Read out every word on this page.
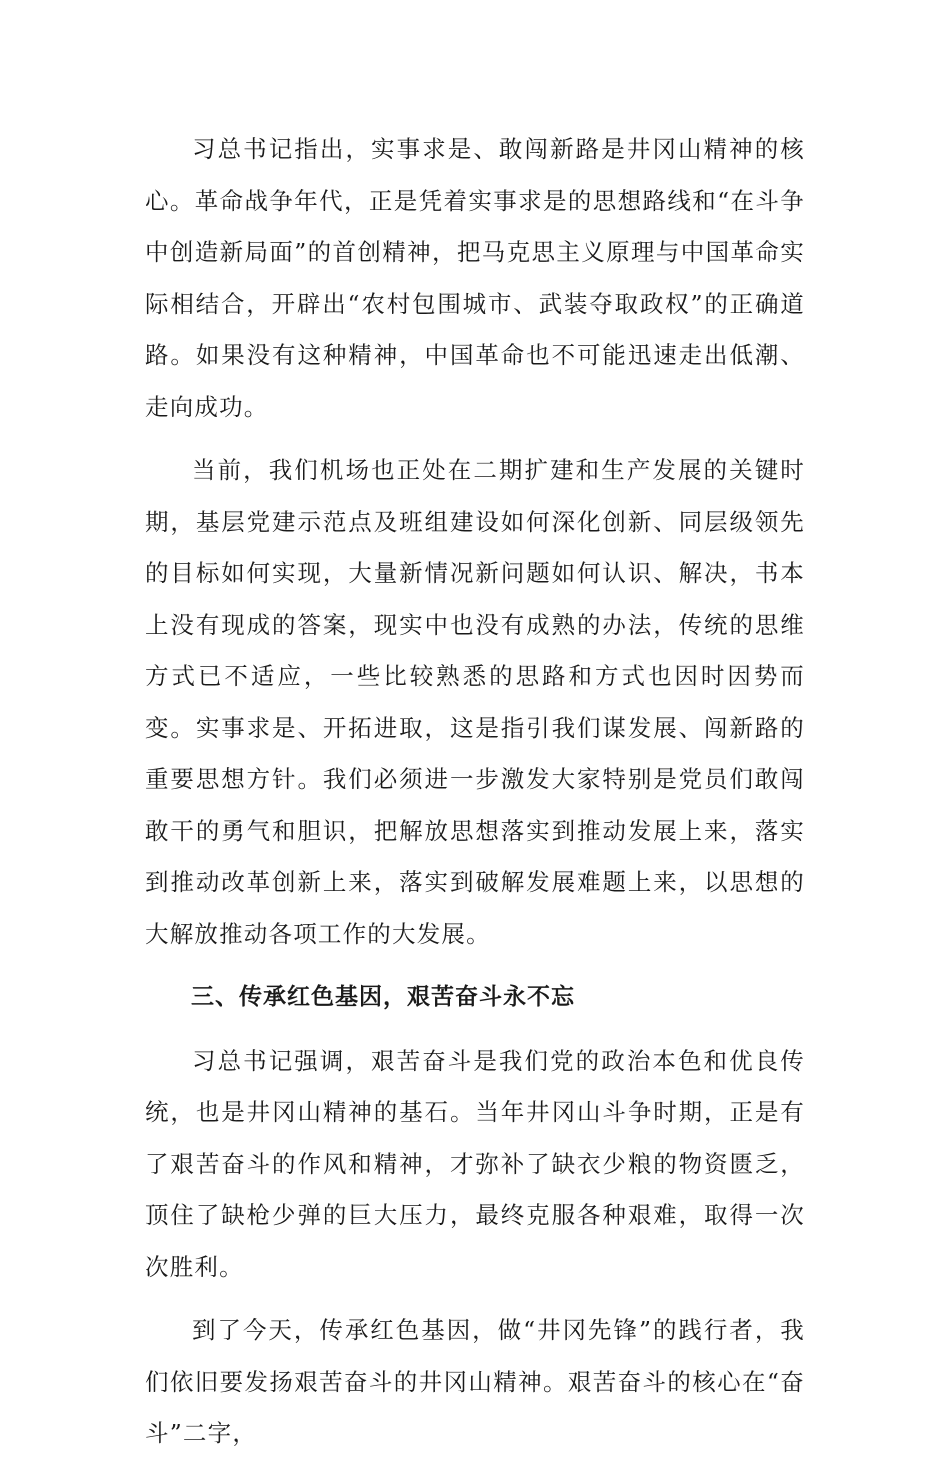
习总书记指出，实事求是、敢闯新路是井冈山精神的核心。革命战争年代，正是凭着实事求是的思想路线和“在斗争中创造新局面”的首创精神，把马克思主义原理与中国革命实际相结合，开辟出“农村包围城市、武装夺取政权”的正确道路。如果没有这种精神，中国革命也不可能迅速走出低潮、走向成功。

当前，我们机场也正处在二期扩建和生产发展的关键时期，基层党建示范点及班组建设如何深化创新、同层级领先的目标如何实现，大量新情况新问题如何认识、解决，书本上没有现成的答案，现实中也没有成熟的办法，传统的思维方式已不适应，一些比较熟悉的思路和方式也因时因势而变。实事求是、开拓进取，这是指引我们谋发展、闯新路的重要思想方针。我们必须进一步激发大家特别是党员们敢闯敢干的勇气和胆识，把解放思想落实到推动发展上来，落实到推动改革创新上来，落实到破解发展难题上来，以思想的大解放推动各项工作的大发展。

三、传承红色基因，艰苦奋斗永不忘

习总书记强调，艰苦奋斗是我们党的政治本色和优良传统，也是井冈山精神的基石。当年井冈山斗争时期，正是有了艰苦奋斗的作风和精神，才弥补了缺衣少粮的物资匮乏，顶住了缺枪少弹的巨大压力，最终克服各种艰难，取得一次次胜利。

到了今天，传承红色基因，做“井冈先锋”的践行者，我们依旧要发扬艰苦奋斗的井冈山精神。艰苦奋斗的核心在“奋斗”二字，
